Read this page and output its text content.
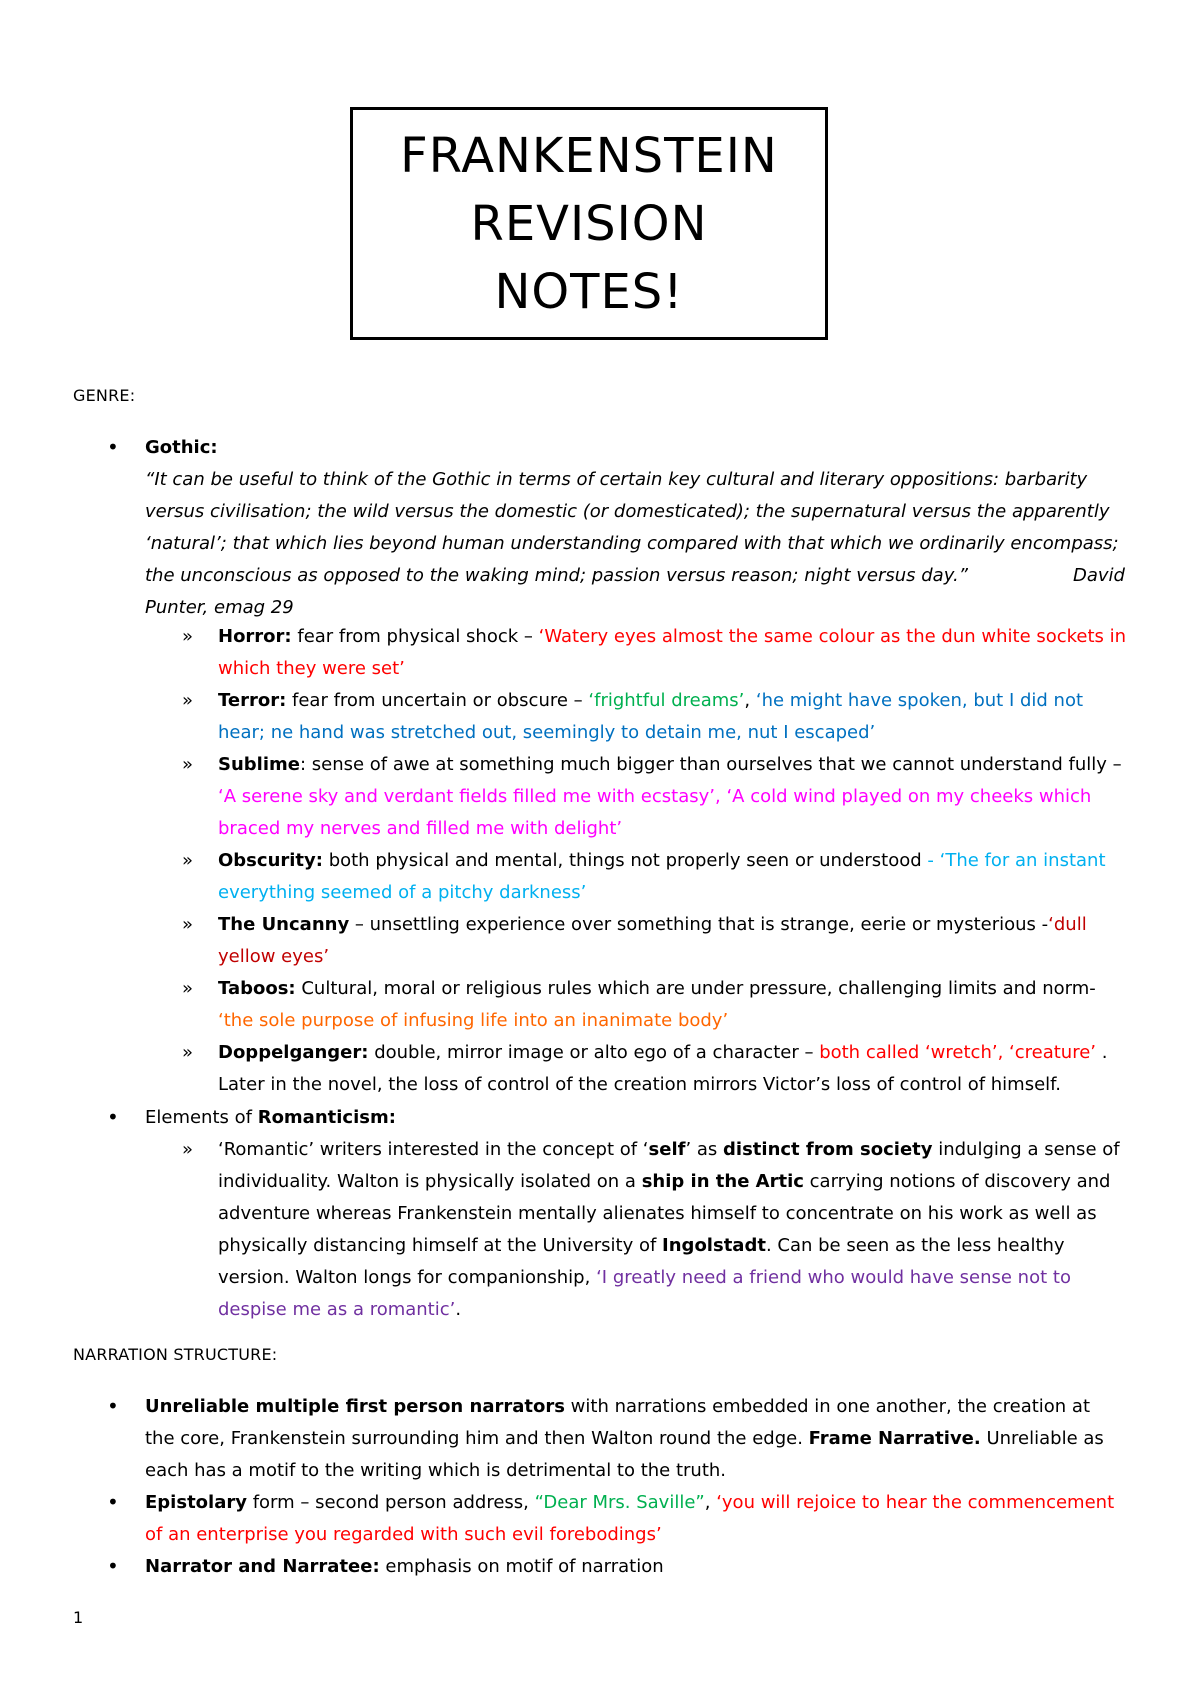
FRANKENSTEIN
REVISION
NOTES!
GENRE:
• Gothic:
“It can be useful to think of the Gothic in terms of certain key cultural and literary oppositions: barbarity versus civilisation; the wild versus the domestic (or domesticated); the supernatural versus the apparently ‘natural’; that which lies beyond human understanding compared with that which we ordinarily encompass; the unconscious as opposed to the waking mind; passion versus reason; night versus day.”	David
Punter, emag 29
» Horror: fear from physical shock – ‘Watery eyes almost the same colour as the dun white sockets in which they were set’
» Terror: fear from uncertain or obscure – ‘frightful dreams’, ‘he might have spoken, but I did not hear; ne hand was stretched out, seemingly to detain me, nut I escaped’
» Sublime: sense of awe at something much bigger than ourselves that we cannot understand fully – ‘A serene sky and verdant fields filled me with ecstasy’, ‘A cold wind played on my cheeks which braced my nerves and filled me with delight’
» Obscurity: both physical and mental, things not properly seen or understood - ‘The for an instant everything seemed of a pitchy darkness’
» The Uncanny – unsettling experience over something that is strange, eerie or mysterious -‘dull yellow eyes’
» Taboos: Cultural, moral or religious rules which are under pressure, challenging limits and norm- ‘the sole purpose of infusing life into an inanimate body’
» Doppelganger: double, mirror image or alto ego of a character – both called ‘wretch’, ‘creature’ . Later in the novel, the loss of control of the creation mirrors Victor’s loss of control of himself.
• Elements of Romanticism:
» ‘Romantic’ writers interested in the concept of ‘self’ as distinct from society indulging a sense of individuality. Walton is physically isolated on a ship in the Artic carrying notions of discovery and adventure whereas Frankenstein mentally alienates himself to concentrate on his work as well as physically distancing himself at the University of Ingolstadt. Can be seen as the less healthy version. Walton longs for companionship, ‘I greatly need a friend who would have sense not to despise me as a romantic’.
NARRATION STRUCTURE:
• Unreliable multiple first person narrators with narrations embedded in one another, the creation at the core, Frankenstein surrounding him and then Walton round the edge. Frame Narrative. Unreliable as each has a motif to the writing which is detrimental to the truth.
• Epistolary form – second person address, “Dear Mrs. Saville”, ‘you will rejoice to hear the commencement of an enterprise you regarded with such evil forebodings’
• Narrator and Narratee: emphasis on motif of narration
1
